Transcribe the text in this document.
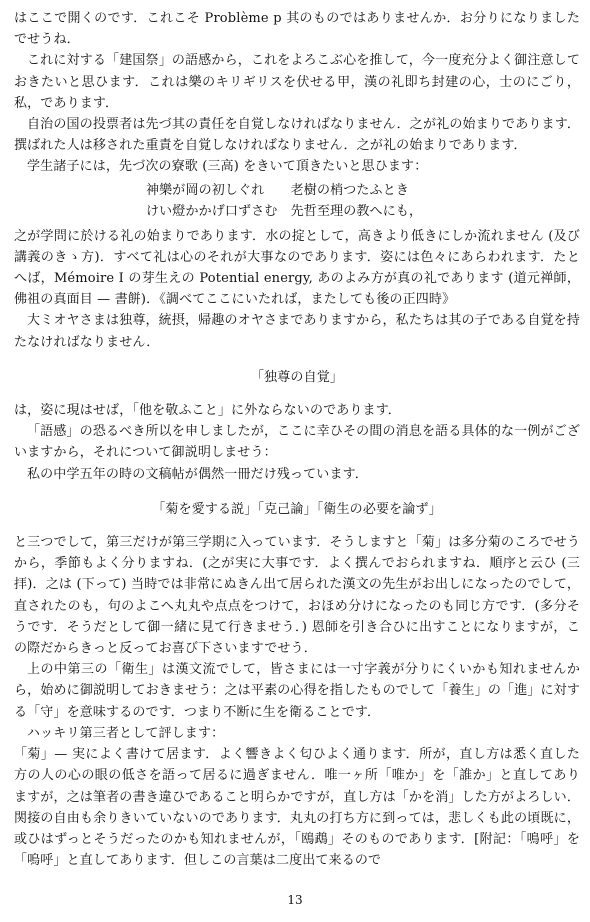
はここで開くのです．これこそ Problème p 其のものではありませんか．お分りになりましたでせうね．

これに対する「建国祭」の語感から，これをよろこぶ心を推して，今一度充分よく御注意しておきたいと思ひます．これは樂のキリギリスを伏せる甲，漢の礼即ち封建の心，士のにごり，私，であります．

自治の国の投票者は先づ其の責任を自覚しなければなりません．之が礼の始まりであります．撰ばれた人は移された重責を自覚しなければなりません．之が礼の始まりであります．

学生諸子には，先づ次の寮歌 (三高) をきいて頂きたいと思ひます：

神樂が岡の初しぐれ　　老樹の梢つたふとき
けい燈かかげ口ずさむ　先哲至理の教へにも，

之が学問に於ける礼の始まりであります．水の掟として，高きより低きにしか流れません (及び講義のきゝ方)．すべて礼は心のそれが大事なのであります．姿には色々にあらわれます．たとへば，Mémoire I の芽生えの Potential energy, あのよみ方が真の礼であります (道元禅師，佛祖の真面目 — 書餅)．《調べてここにいたれば，またしても後の正四時》

大ミオヤさまは独尊，統摂，帰趣のオヤさまでありますから，私たちは其の子である自覚を持たなければなりません．

「独尊の自覚」

は，姿に現はせば，「他を敬ふこと」に外ならないのであります．

「語感」の恐るべき所以を申しましたが，ここに幸ひその間の消息を語る具体的な一例がございますから，それについて御説明しませう：

私の中学五年の時の文稿帖が偶然一冊だけ残っています．

「菊を愛する説」「克己論」「衛生の必要を論ず」

と三つでして，第三だけが第三学期に入っています．そうしますと「菊」は多分菊のころでせうから，季節もよく分りますね．(之が実に大事です．よく撰んでおられますね．順序と云ひ (三拝)．之は (下って) 当時では非常にぬきん出て居られた漢文の先生がお出しになったのでして，直されたのも，句のよこへ丸丸や点点をつけて，おほめ分けになったのも同じ方です．(多分そうです．そうだとして御一緒に見て行きませう．) 恩師を引き合ひに出すことになりますが，この際だからきっと反ってお喜び下さいますでせう．

上の中第三の「衛生」は漢文流でして，皆さまには一寸字義が分りにくいかも知れませんから，始めに御説明しておきませう：之は平素の心得を指したものでして「養生」の「進」に対する「守」を意味するのです．つまり不断に生を衛ることです．

ハッキリ第三者として評します：

「菊」— 実によく書けて居ます．よく響きよく匂ひよく通ります．所が，直し方は悉く直した方の人の心の眼の低さを語って居るに過ぎません．唯一ヶ所「唯か」を「誰か」と直してありますが，之は筆者の書き違ひであること明らかですが，直し方は「かを消」した方がよろしい．関接の自由も余りきいていないのであります．丸丸の打ち方に到っては，悲しくも此の頃既に，或ひはずっとそうだったのかも知れませんが，「鴎鵡」そのものであります．[附記：「鳴呼」を「嗚呼」と直してあります．但しこの言葉は二度出て来るので

13
